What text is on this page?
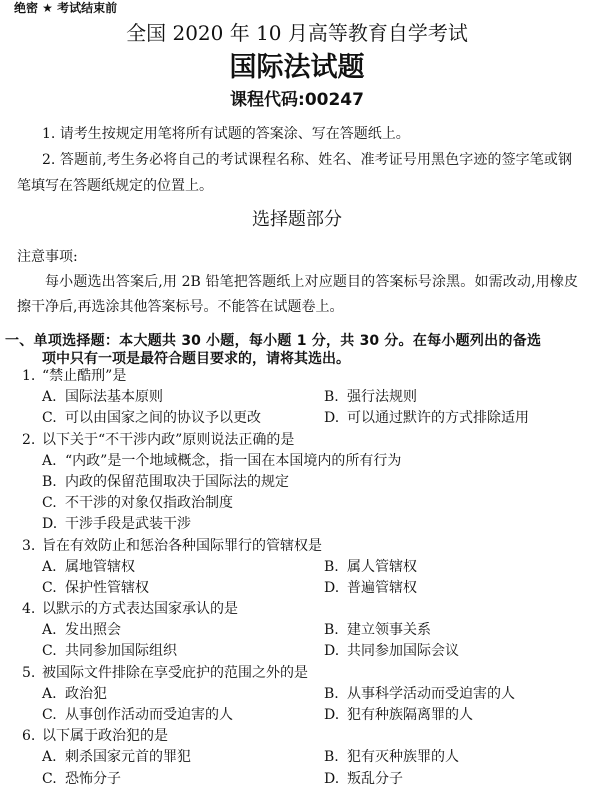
绝密 ★ 考试结束前
全国 2020 年 10 月高等教育自学考试
国际法试题
课程代码:00247

1. 请考生按规定用笔将所有试题的答案涂、写在答题纸上。

2. 答题前,考生务必将自己的考试课程名称、姓名、准考证号用黑色字迹的签字笔或钢笔填写在答题纸规定的位置上。

选择题部分
注意事项:

每小题选出答案后,用 2B 铅笔把答题纸上对应题目的答案标号涂黑。如需改动,用橡皮擦干净后,再选涂其他答案标号。不能答在试题卷上。

一、单项选择题：本大题共 30 小题，每小题 1 分，共 30 分。在每小题列出的备选项中只有一项是最符合题目要求的，请将其选出。

1. “禁止酷刑”是
A. 国际法基本原则	B. 强行法规则
C. 可以由国家之间的协议予以更改	D. 可以通过默许的方式排除适用
2. 以下关于“不干涉内政”原则说法正确的是
A. “内政”是一个地域概念，指一国在本国境内的所有行为
B. 内政的保留范围取决于国际法的规定
C. 不干涉的对象仅指政治制度
D. 干涉手段是武装干涉
3. 旨在有效防止和惩治各种国际罪行的管辖权是
A. 属地管辖权	B. 属人管辖权
C. 保护性管辖权	D. 普遍管辖权
4. 以默示的方式表达国家承认的是
A. 发出照会	B. 建立领事关系
C. 共同参加国际组织	D. 共同参加国际会议
5. 被国际文件排除在享受庇护的范围之外的是
A. 政治犯	B. 从事科学活动而受迫害的人
C. 从事创作活动而受迫害的人	D. 犯有种族隔离罪的人
6. 以下属于政治犯的是
A. 刺杀国家元首的罪犯	B. 犯有灭种族罪的人
C. 恐怖分子	D. 叛乱分子
